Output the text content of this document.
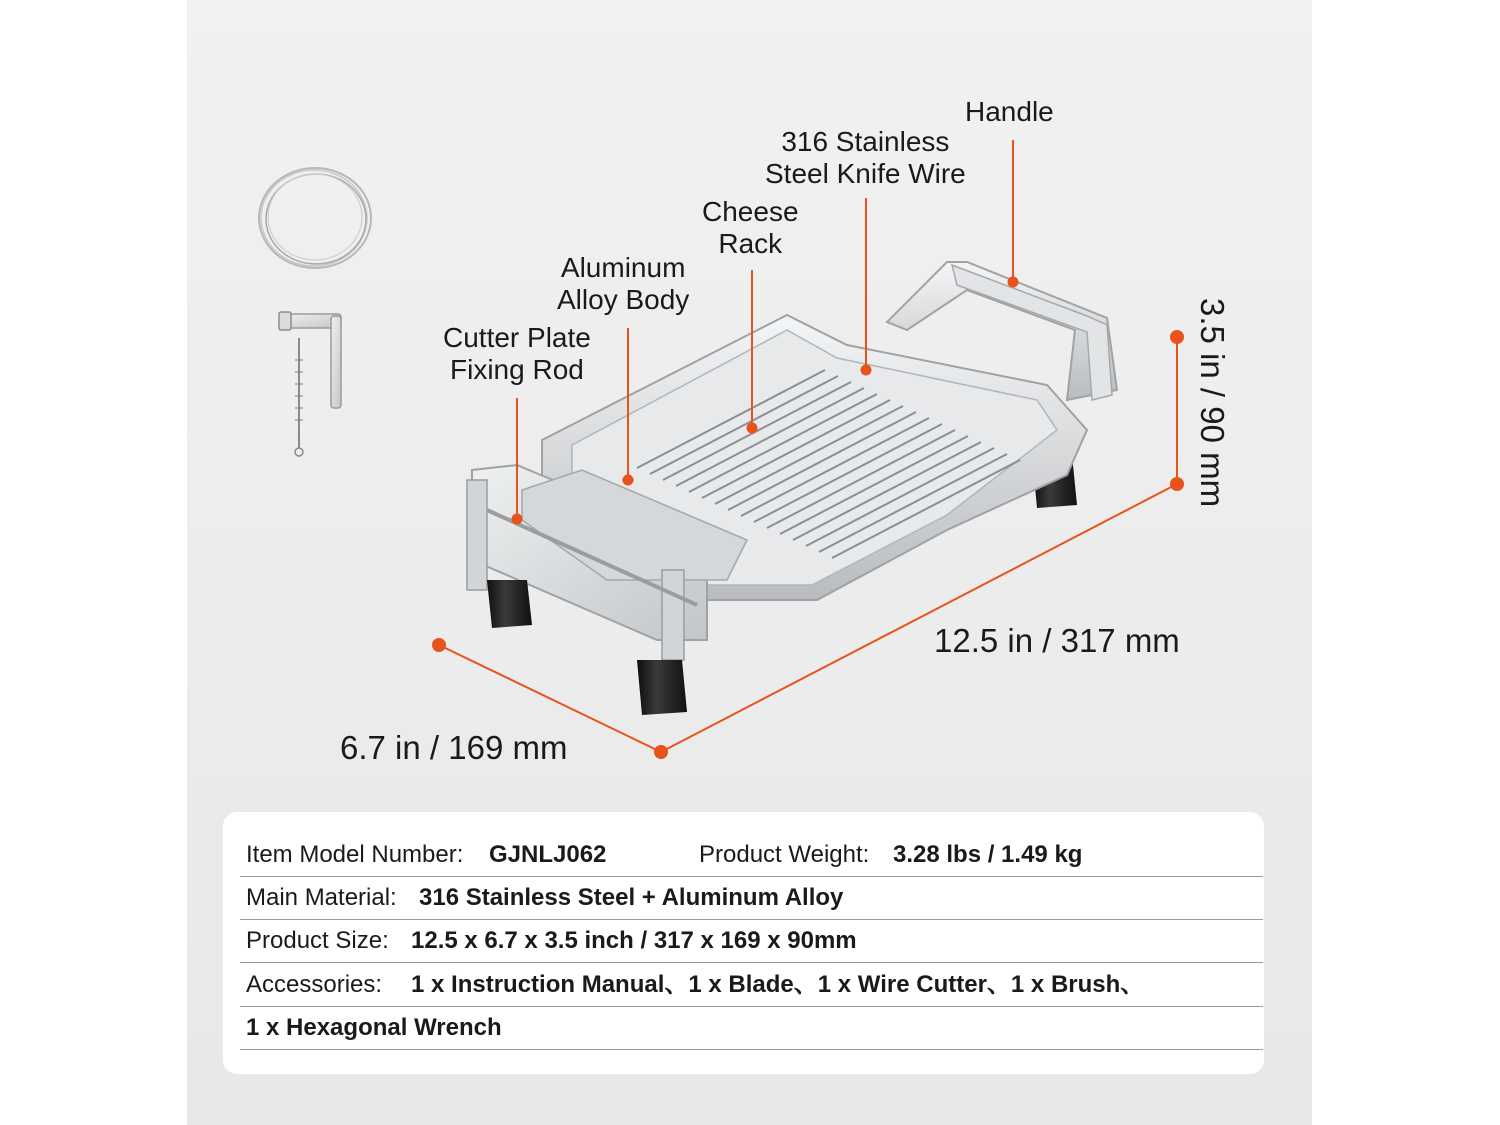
Handle
316 Stainless
Steel Knife Wire
Cheese
Rack
Aluminum
Alloy Body
Cutter Plate
Fixing Rod
12.5 in / 317 mm
6.7 in / 169 mm
3.5 in / 90 mm
Item Model Number: GJNLJ062	Product Weight: 3.28 lbs / 1.49 kg
Main Material: 316 Stainless Steel + Aluminum Alloy
Product Size: 12.5 x 6.7 x 3.5 inch / 317 x 169 x 90mm
Accessories: 1 x Instruction Manual、1 x Blade、1 x Wire Cutter、1 x Brush、
1 x Hexagonal Wrench
